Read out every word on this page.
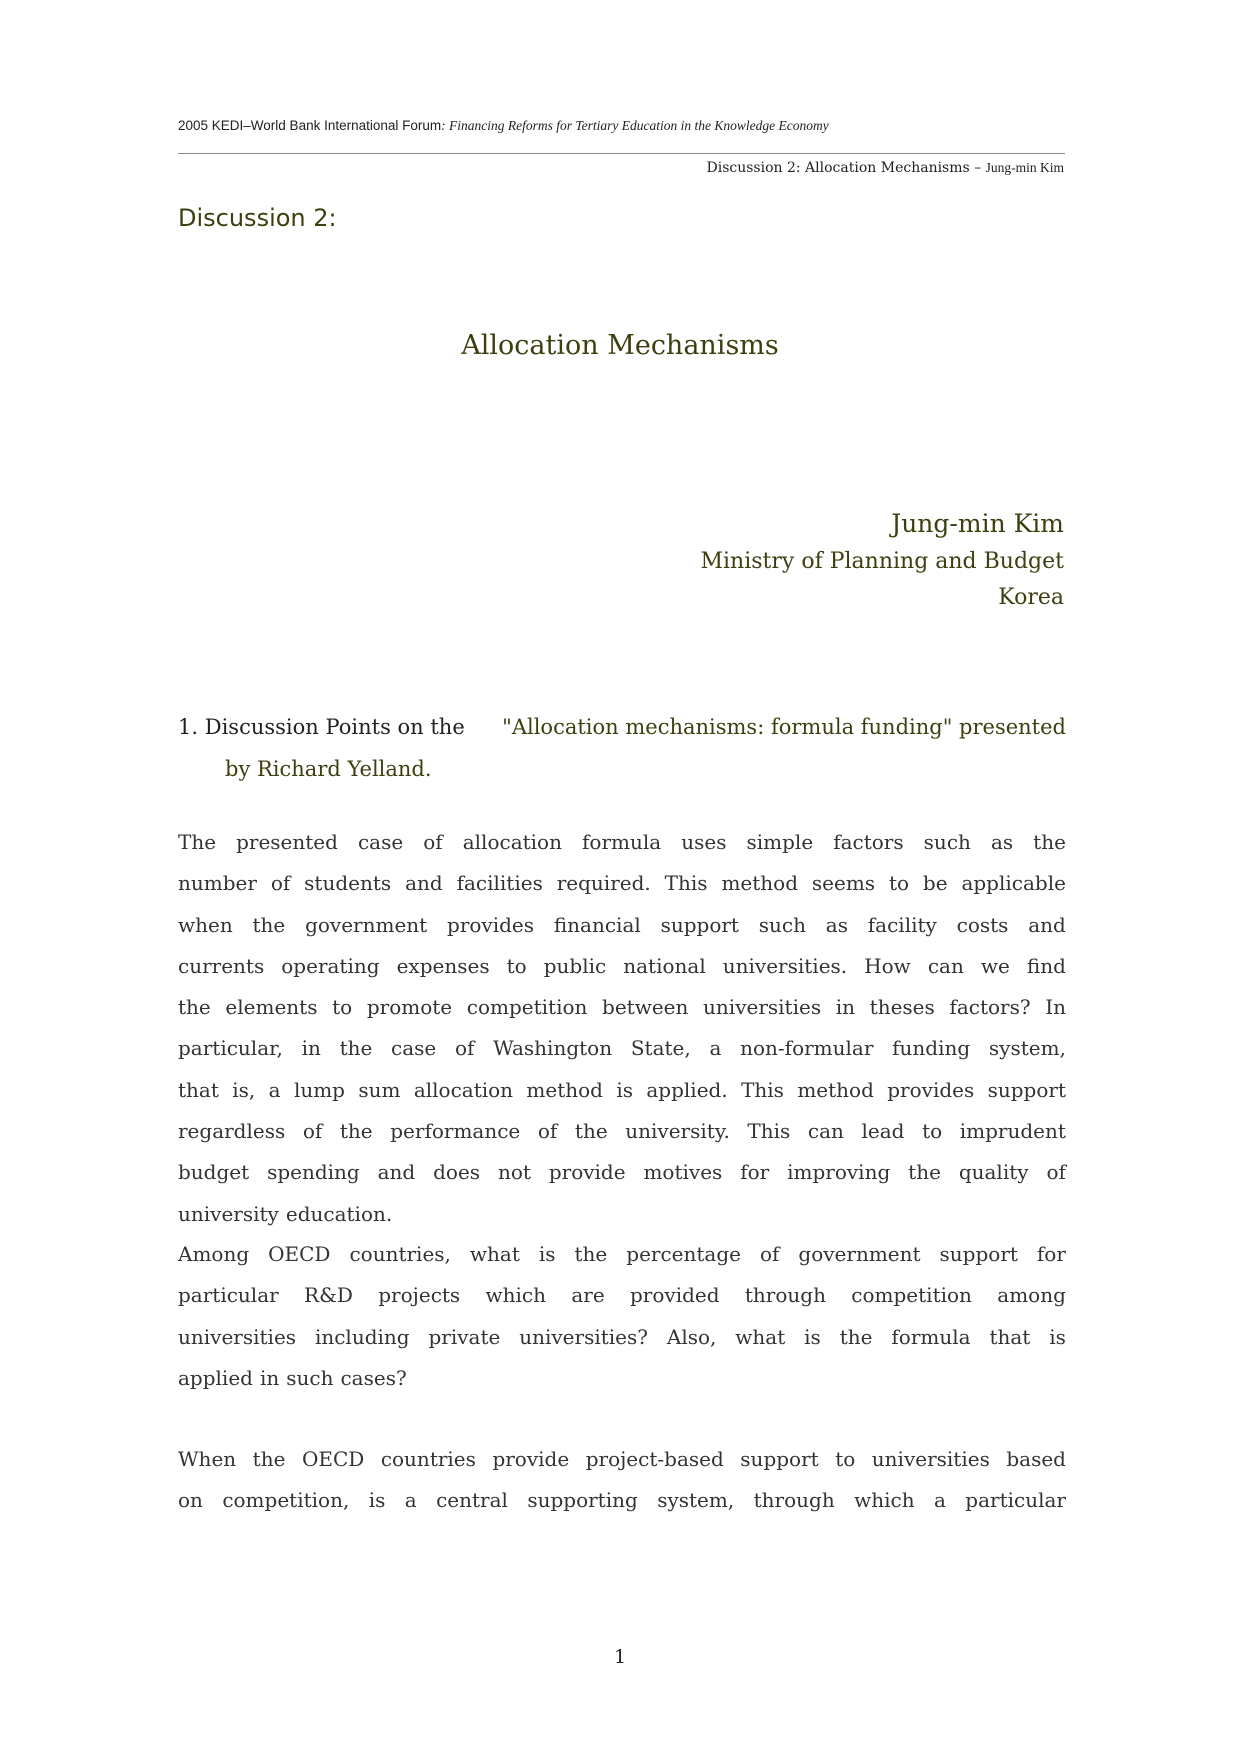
2005 KEDI–World Bank International Forum: Financing Reforms for Tertiary Education in the Knowledge Economy
Discussion 2: Allocation Mechanisms – Jung-min Kim
Discussion 2:
Allocation Mechanisms
Jung-min Kim
Ministry of Planning and Budget
Korea
1. Discussion Points on the "Allocation mechanisms: formula funding" presented
by Richard Yelland.
The presented case of allocation formula uses simple factors such as the
number of students and facilities required. This method seems to be applicable
when the government provides financial support such as facility costs and
currents operating expenses to public national universities. How can we find
the elements to promote competition between universities in theses factors? In
particular, in the case of Washington State, a non-formular funding system,
that is, a lump sum allocation method is applied. This method provides support
regardless of the performance of the university. This can lead to imprudent
budget spending and does not provide motives for improving the quality of
university education.
Among OECD countries, what is the percentage of government support for
particular R&D projects which are provided through competition among
universities including private universities? Also, what is the formula that is
applied in such cases?
When the OECD countries provide project-based support to universities based
on competition, is a central supporting system, through which a particular
1
